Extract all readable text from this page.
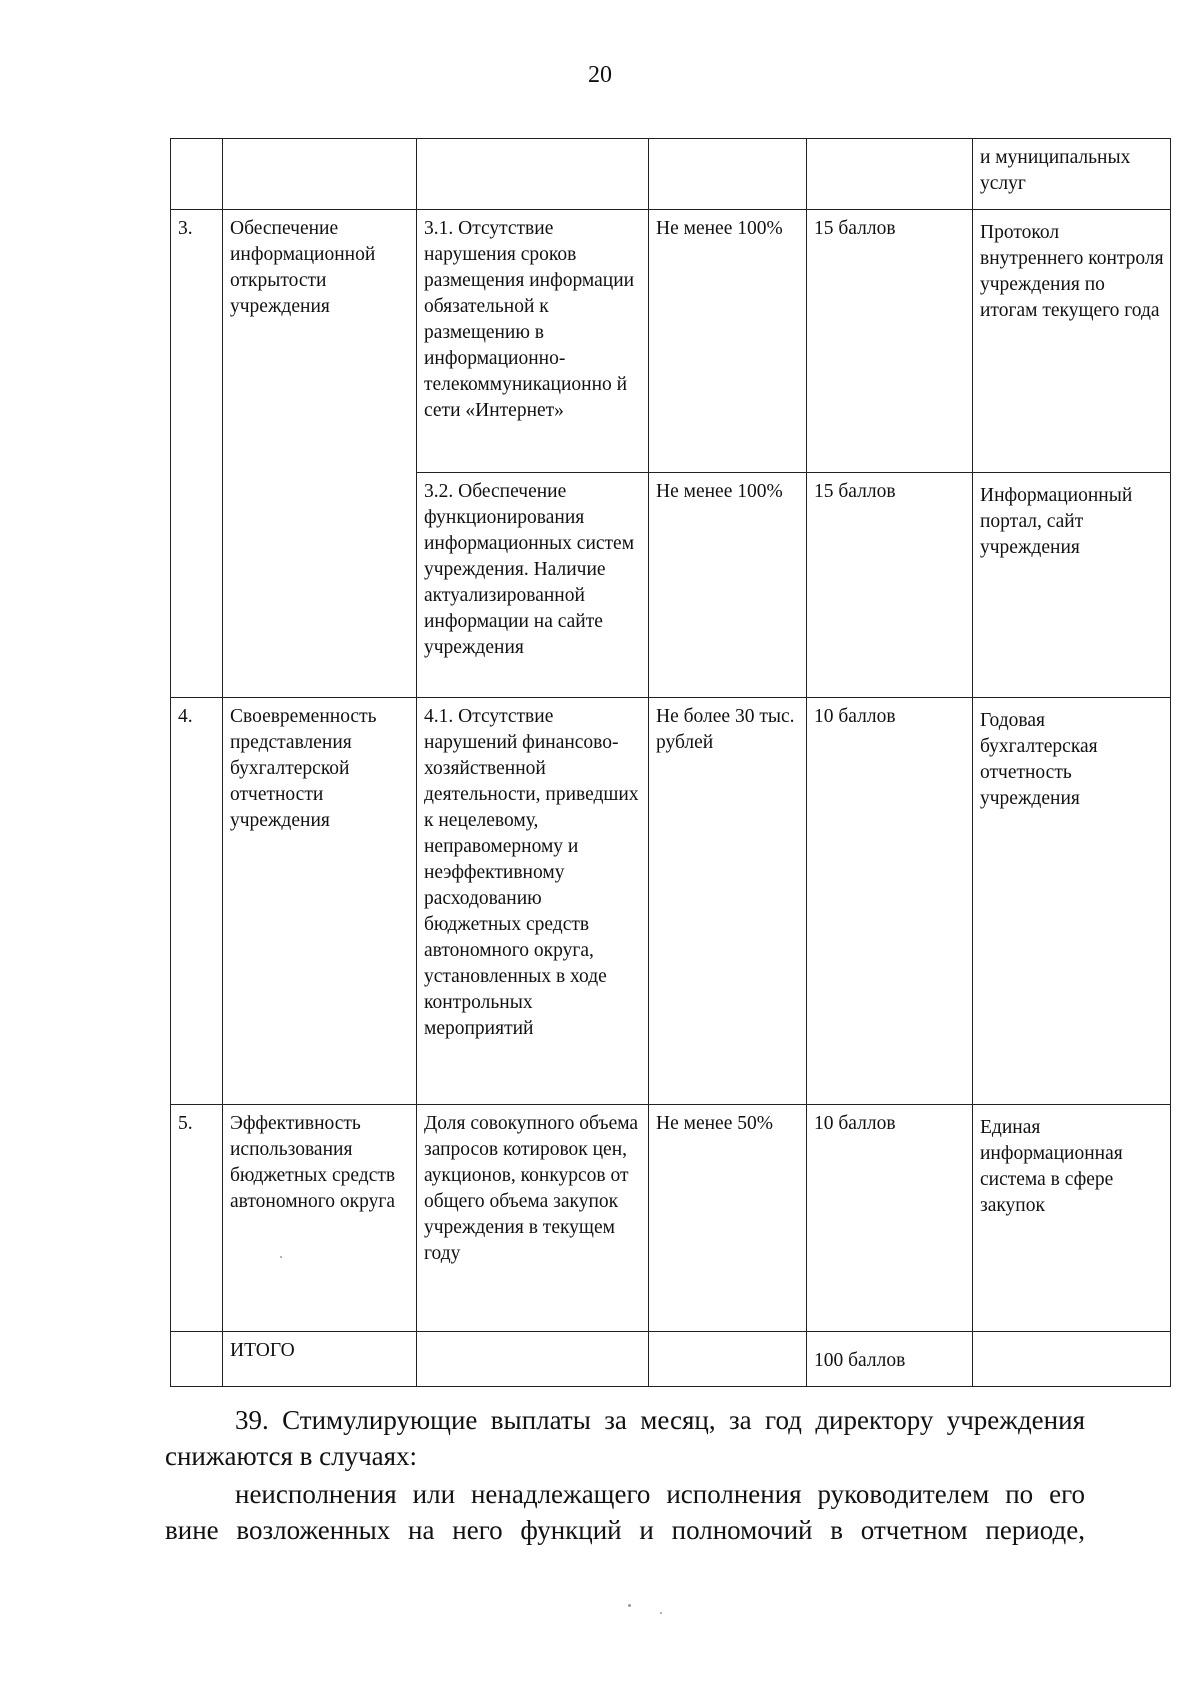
20
					и муниципальных услуг
3.	Обеспечение информационной открытости учреждения	3.1. Отсутствие нарушения сроков размещения информации обязательной к размещению в информационно-телекоммуникационно й сети «Интернет»	Не менее 100%	15 баллов	Протокол внутреннего контроля учреждения по итогам текущего года
		3.2. Обеспечение функционирования информационных систем учреждения. Наличие актуализированной информации на сайте учреждения	Не менее 100%	15 баллов	Информационный портал, сайт учреждения
4.	Своевременность представления бухгалтерской отчетности учреждения	4.1. Отсутствие нарушений финансово-хозяйственной деятельности, приведших к нецелевому, неправомерному и неэффективному расходованию бюджетных средств автономного округа, установленных в ходе контрольных мероприятий	Не более 30 тыс. рублей	10 баллов	Годовая бухгалтерская отчетность учреждения
5.	Эффективность использования бюджетных средств автономного округа	Доля совокупного объема запросов котировок цен, аукционов, конкурсов от общего объема закупок учреждения в текущем году	Не менее 50%	10 баллов	Единая информационная система в сфере закупок
	ИТОГО			100 баллов	
39. Стимулирующие выплаты за месяц, за год директору учреждения снижаются в случаях:
неисполнения или ненадлежащего исполнения руководителем по его вине возложенных на него функций и полномочий в отчетном периоде,
